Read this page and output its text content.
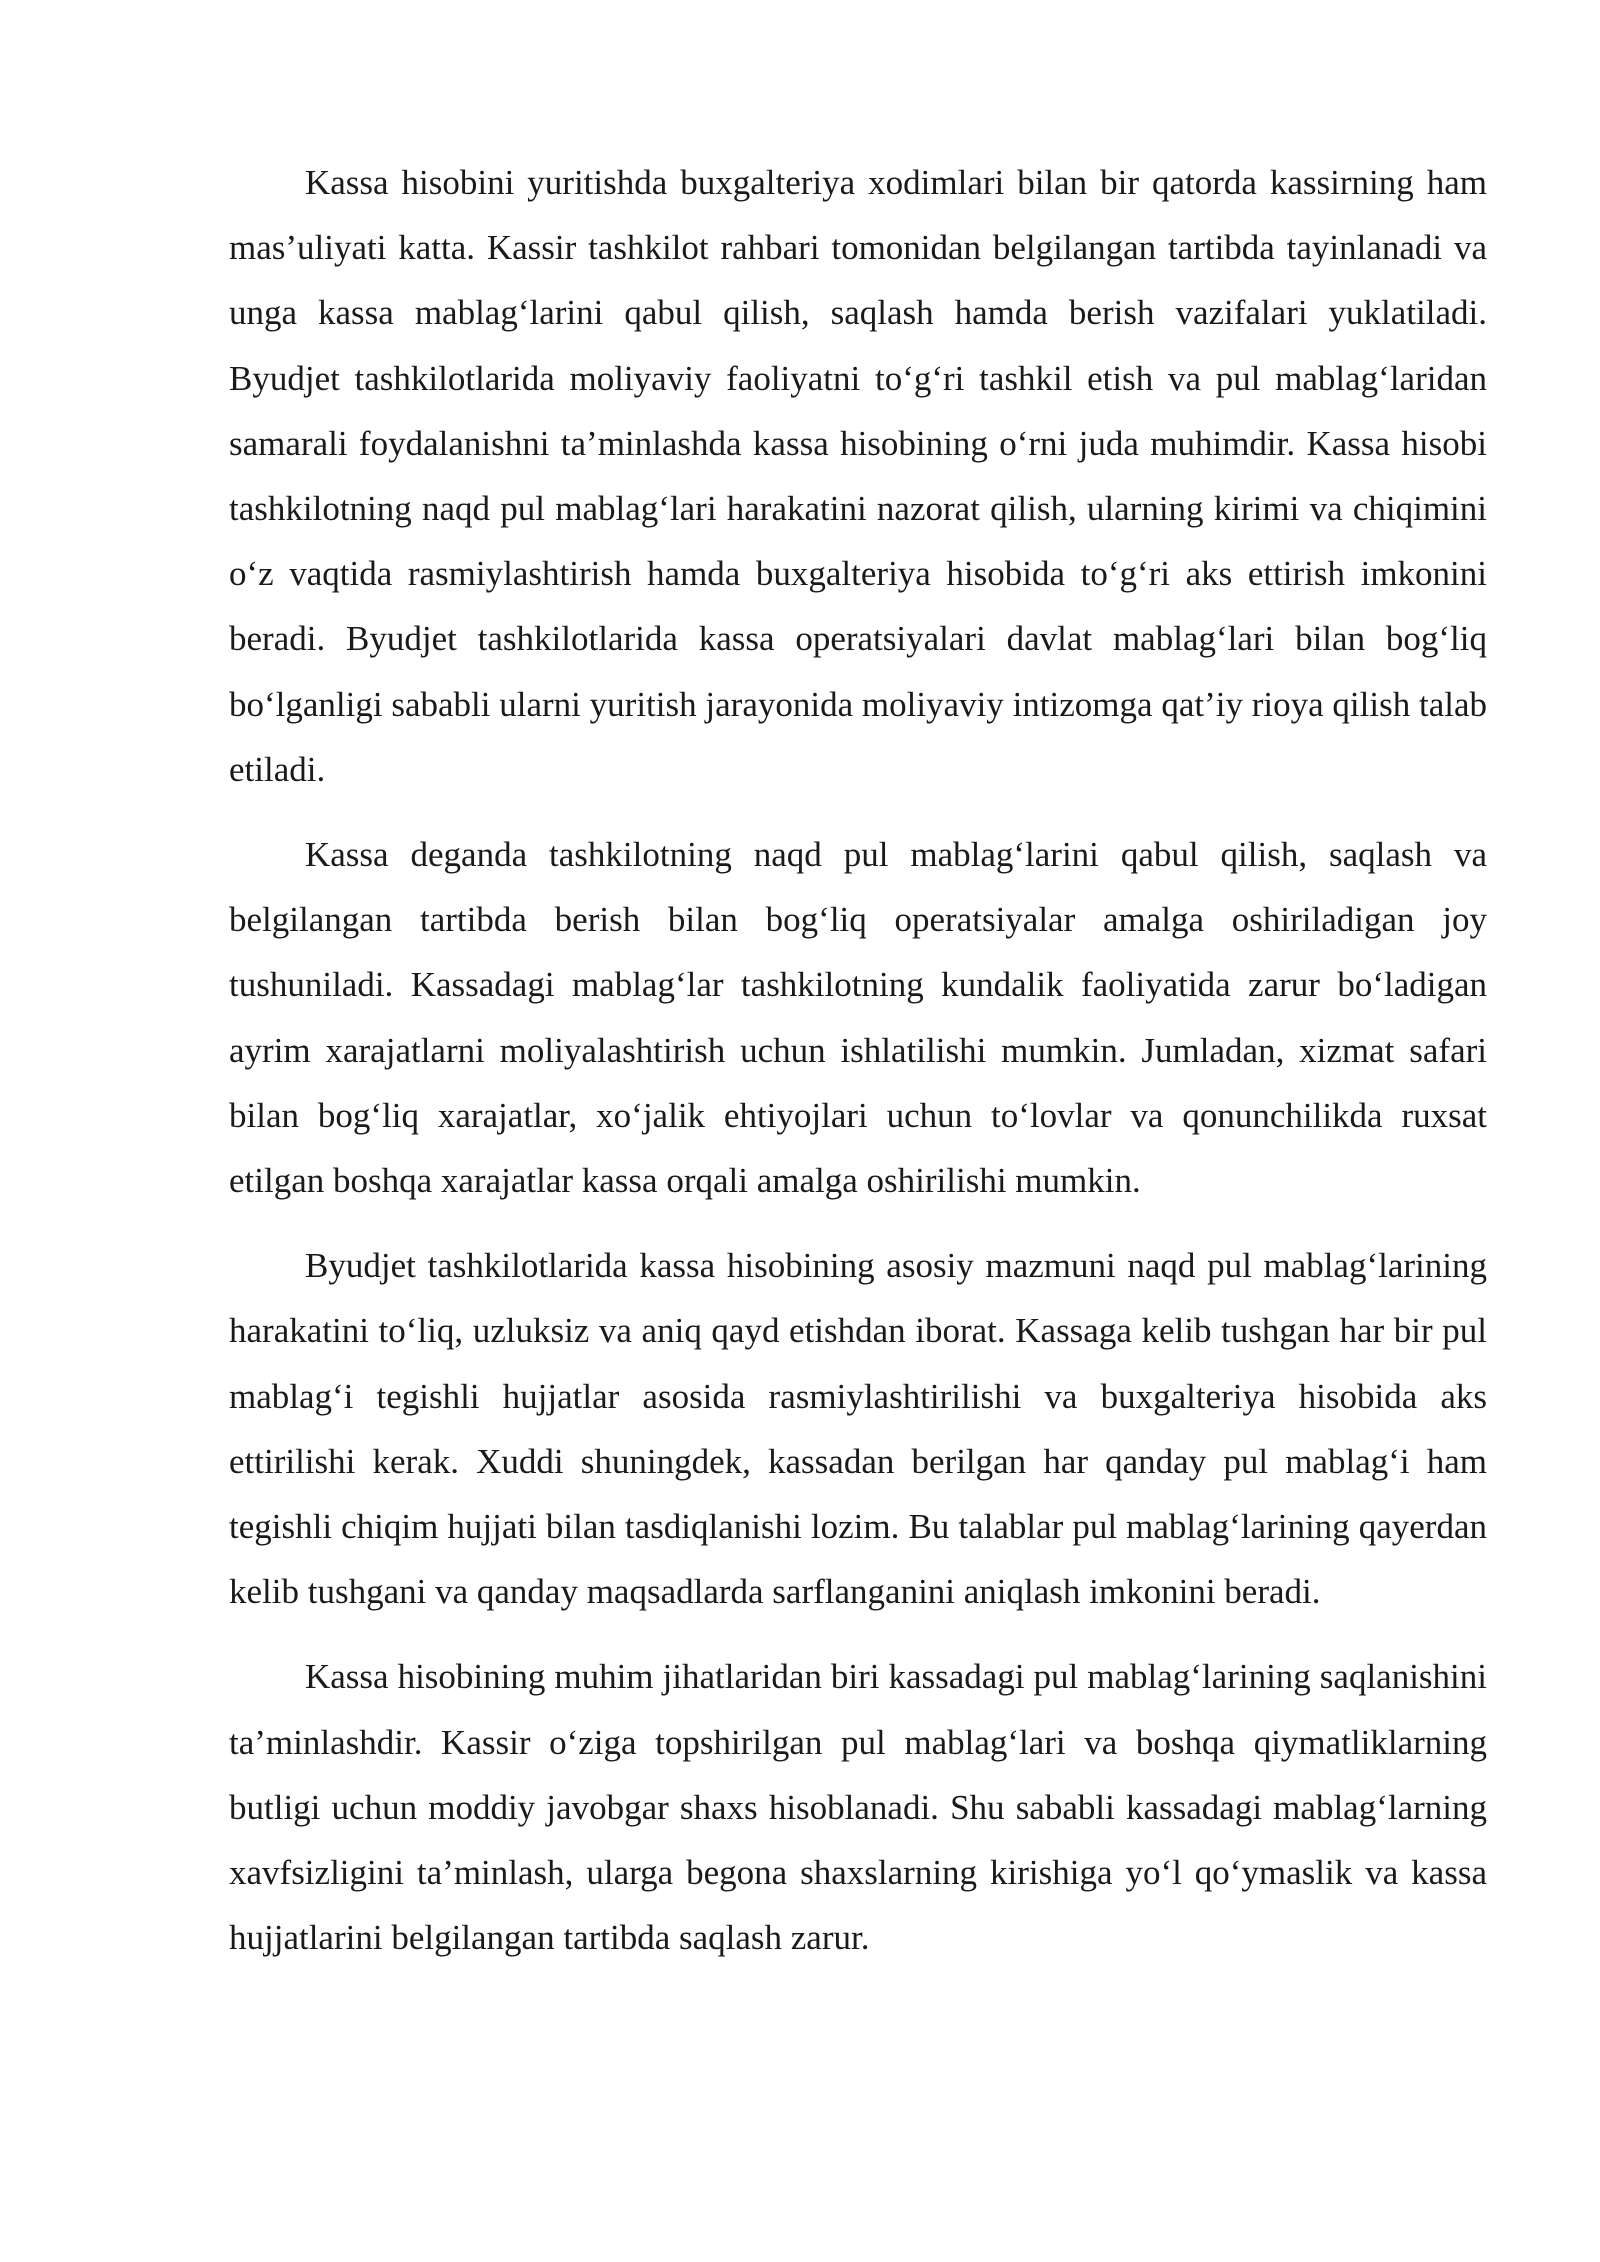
Kassa hisobini yuritishda buxgalteriya xodimlari bilan bir qatorda kassirning ham mas’uliyati katta. Kassir tashkilot rahbari tomonidan belgilangan tartibda tayinlanadi va unga kassa mablag‘larini qabul qilish, saqlash hamda berish vazifalari yuklatiladi. Byudjet tashkilotlarida moliyaviy faoliyatni to‘g‘ri tashkil etish va pul mablag‘laridan samarali foydalanishni ta’minlashda kassa hisobining o‘rni juda muhimdir. Kassa hisobi tashkilotning naqd pul mablag‘lari harakatini nazorat qilish, ularning kirimi va chiqimini o‘z vaqtida rasmiylashtirish hamda buxgalteriya hisobida to‘g‘ri aks ettirish imkonini beradi. Byudjet tashkilotlarida kassa operatsiyalari davlat mablag‘lari bilan bog‘liq bo‘lganligi sababli ularni yuritish jarayonida moliyaviy intizomga qat’iy rioya qilish talab etiladi.

Kassa deganda tashkilotning naqd pul mablag‘larini qabul qilish, saqlash va belgilangan tartibda berish bilan bog‘liq operatsiyalar amalga oshiriladigan joy tushuniladi. Kassadagi mablag‘lar tashkilotning kundalik faoliyatida zarur bo‘ladigan ayrim xarajatlarni moliyalashtirish uchun ishlatilishi mumkin. Jumladan, xizmat safari bilan bog‘liq xarajatlar, xo‘jalik ehtiyojlari uchun to‘lovlar va qonunchilikda ruxsat etilgan boshqa xarajatlar kassa orqali amalga oshirilishi mumkin.

Byudjet tashkilotlarida kassa hisobining asosiy mazmuni naqd pul mablag‘larining harakatini to‘liq, uzluksiz va aniq qayd etishdan iborat. Kassaga kelib tushgan har bir pul mablag‘i tegishli hujjatlar asosida rasmiylashtirilishi va buxgalteriya hisobida aks ettirilishi kerak. Xuddi shuningdek, kassadan berilgan har qanday pul mablag‘i ham tegishli chiqim hujjati bilan tasdiqlanishi lozim. Bu talablar pul mablag‘larining qayerdan kelib tushgani va qanday maqsadlarda sarflanganini aniqlash imkonini beradi.

Kassa hisobining muhim jihatlaridan biri kassadagi pul mablag‘larining saqlanishini ta’minlashdir. Kassir o‘ziga topshirilgan pul mablag‘lari va boshqa qiymatliklarning butligi uchun moddiy javobgar shaxs hisoblanadi. Shu sababli kassadagi mablag‘larning xavfsizligini ta’minlash, ularga begona shaxslarning kirishiga yo‘l qo‘ymaslik va kassa hujjatlarini belgilangan tartibda saqlash zarur.
